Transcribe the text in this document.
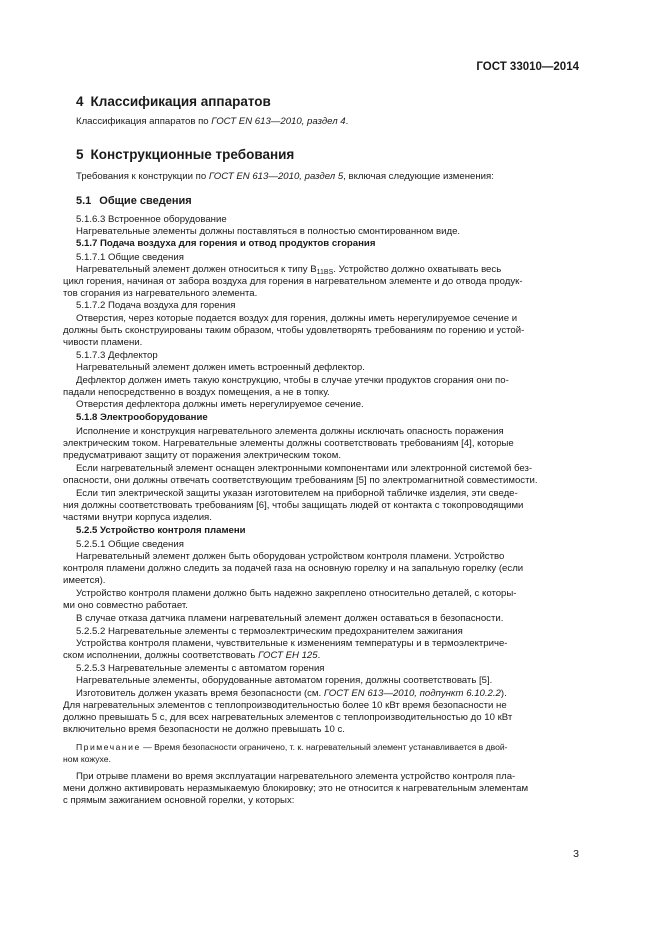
ГОСТ 33010—2014
4 Классификация аппаратов
Классификация аппаратов по ГОСТ EN 613—2010, раздел 4.
5 Конструкционные требования
Требования к конструкции по ГОСТ EN 613—2010, раздел 5, включая следующие изменения:
5.1 Общие сведения
5.1.6.3 Встроенное оборудование
Нагревательные элементы должны поставляться в полностью смонтированном виде.
5.1.7 Подача воздуха для горения и отвод продуктов сгорания
5.1.7.1 Общие сведения
Нагревательный элемент должен относиться к типу $B_{11BS}$. Устройство должно охватывать весь
цикл горения, начиная от забора воздуха для горения в нагревательном элементе и до отвода продук-
тов сгорания из нагревательного элемента.
5.1.7.2 Подача воздуха для горения
Отверстия, через которые подается воздух для горения, должны иметь нерегулируемое сечение и
должны быть сконструированы таким образом, чтобы удовлетворять требованиям по горению и устой-
чивости пламени.
5.1.7.3 Дефлектор
Нагревательный элемент должен иметь встроенный дефлектор.
Дефлектор должен иметь такую конструкцию, чтобы в случае утечки продуктов сгорания они по-
падали непосредственно в воздух помещения, а не в топку.
Отверстия дефлектора должны иметь нерегулируемое сечение.
5.1.8 Электрооборудование
Исполнение и конструкция нагревательного элемента должны исключать опасность поражения
электрическим током. Нагревательные элементы должны соответствовать требованиям [4], которые
предусматривают защиту от поражения электрическим током.
Если нагревательный элемент оснащен электронными компонентами или электронной системой без-
опасности, они должны отвечать соответствующим требованиям [5] по электромагнитной совместимости.
Если тип электрической защиты указан изготовителем на приборной табличке изделия, эти сведе-
ния должны соответствовать требованиям [6], чтобы защищать людей от контакта с токопроводящими
частями внутри корпуса изделия.
5.2.5 Устройство контроля пламени
5.2.5.1 Общие сведения
Нагревательный элемент должен быть оборудован устройством контроля пламени. Устройство
контроля пламени должно следить за подачей газа на основную горелку и на запальную горелку (если
имеется).
Устройство контроля пламени должно быть надежно закреплено относительно деталей, с которы-
ми оно совместно работает.
В случае отказа датчика пламени нагревательный элемент должен оставаться в безопасности.
5.2.5.2 Нагревательные элементы с термоэлектрическим предохранителем зажигания
Устройства контроля пламени, чувствительные к изменениям температуры и в термоэлектриче-
ском исполнении, должны соответствовать ГОСТ ЕН 125.
5.2.5.3 Нагревательные элементы с автоматом горения
Нагревательные элементы, оборудованные автоматом горения, должны соответствовать [5].
Изготовитель должен указать время безопасности (см. ГОСТ EN 613—2010, подпункт 6.10.2.2).
Для нагревательных элементов с теплопроизводительностью более 10 кВт время безопасности не
должно превышать 5 с, для всех нагревательных элементов с теплопроизводительностью до 10 кВт
включительно время безопасности не должно превышать 10 с.
Примечание — Время безопасности ограничено, т. к. нагревательный элемент устанавливается в двой-
ном кожухе.
При отрыве пламени во время эксплуатации нагревательного элемента устройство контроля пла-
мени должно активировать неразмыкаемую блокировку; это не относится к нагревательным элементам
с прямым зажиганием основной горелки, у которых:
3
